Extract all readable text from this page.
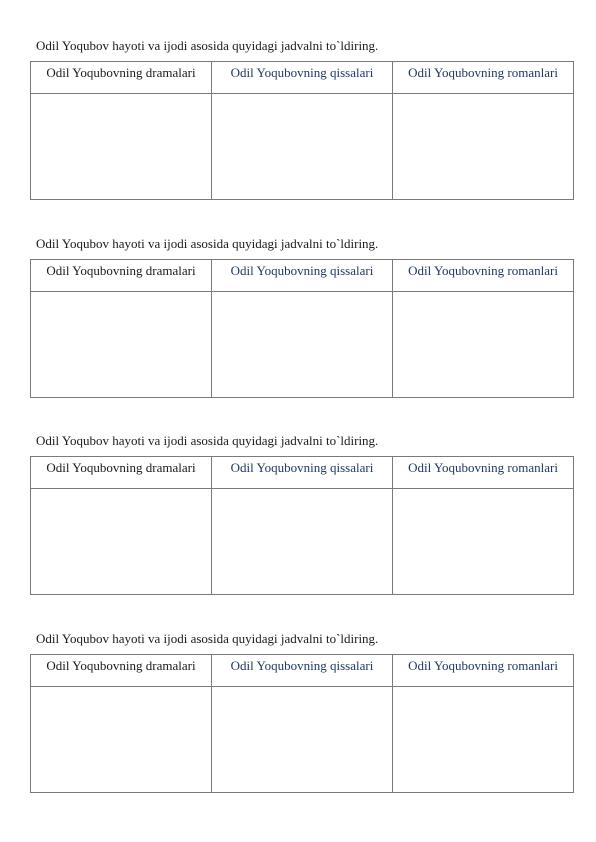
Odil Yoqubov hayoti va ijodi asosida quyidagi jadvalni to`ldiring.
Odil Yoqubovning dramalari	Odil Yoqubovning qissalari	Odil Yoqubovning romanlari

Odil Yoqubov hayoti va ijodi asosida quyidagi jadvalni to`ldiring.
Odil Yoqubovning dramalari	Odil Yoqubovning qissalari	Odil Yoqubovning romanlari

Odil Yoqubov hayoti va ijodi asosida quyidagi jadvalni to`ldiring.
Odil Yoqubovning dramalari	Odil Yoqubovning qissalari	Odil Yoqubovning romanlari

Odil Yoqubov hayoti va ijodi asosida quyidagi jadvalni to`ldiring.
Odil Yoqubovning dramalari	Odil Yoqubovning qissalari	Odil Yoqubovning romanlari
